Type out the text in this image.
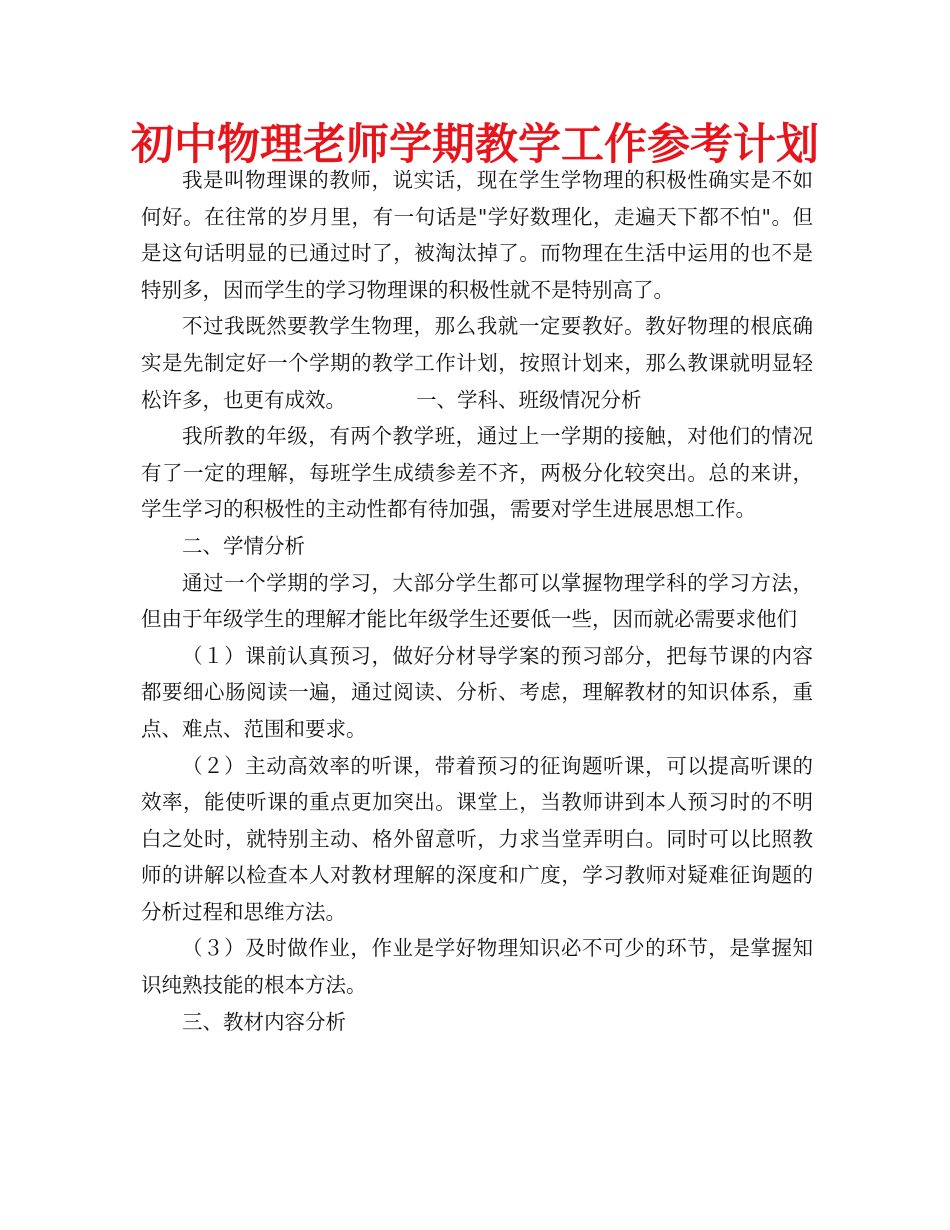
初中物理老师学期教学工作参考计划

我是叫物理课的教师，说实话，现在学生学物理的积极性确实是不如何好。在往常的岁月里，有一句话是"学好数理化，走遍天下都不怕"。但是这句话明显的已通过时了，被淘汰掉了。而物理在生活中运用的也不是特别多，因而学生的学习物理课的积极性就不是特别高了。

不过我既然要教学生物理，那么我就一定要教好。教好物理的根底确实是先制定好一个学期的教学工作计划，按照计划来，那么教课就明显轻松许多，也更有成效。	一、学科、班级情况分析

我所教的年级，有两个教学班，通过上一学期的接触，对他们的情况有了一定的理解，每班学生成绩参差不齐，两极分化较突出。总的来讲，学生学习的积极性的主动性都有待加强，需要对学生进展思想工作。

二、学情分析

通过一个学期的学习，大部分学生都可以掌握物理学科的学习方法，但由于年级学生的理解才能比年级学生还要低一些，因而就必需要求他们

（１）课前认真预习，做好分材导学案的预习部分，把每节课的内容都要细心肠阅读一遍，通过阅读、分析、考虑，理解教材的知识体系，重点、难点、范围和要求。

（２）主动高效率的听课，带着预习的征询题听课，可以提高听课的效率，能使听课的重点更加突出。课堂上，当教师讲到本人预习时的不明白之处时，就特别主动、格外留意听，力求当堂弄明白。同时可以比照教师的讲解以检查本人对教材理解的深度和广度，学习教师对疑难征询题的分析过程和思维方法。

（３）及时做作业，作业是学好物理知识必不可少的环节，是掌握知识纯熟技能的根本方法。

三、教材内容分析
